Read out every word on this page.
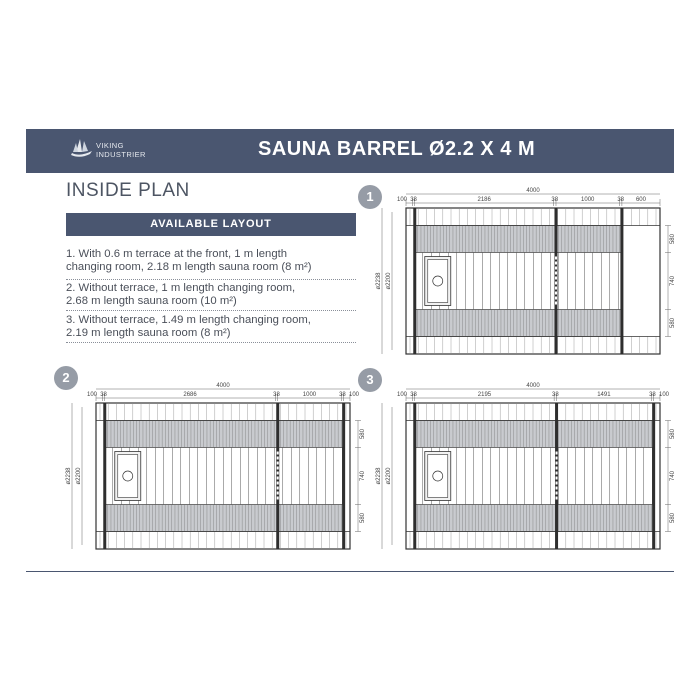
VIKING
INDUSTRIER	SAUNA BARREL Ø2.2 X 4 M
INSIDE PLAN
AVAILABLE LAYOUT
1. With 0.6 m terrace at the front, 1 m length
changing room, 2.18 m length sauna room (8 m²)
2. Without terrace, 1 m length changing room,
2.68 m length sauna room (10 m²)
3. Without terrace, 1.49 m length changing room,
2.19 m length sauna room (8 m²)
1
2	3
4000
100 38	2186	38	1000	38 600
ø2238 ø2200
580
740
580
4000
100 38	2686	38	1000	38 100
ø2238 ø2200
580
740
580
4000
100 38	2195	38	1491	38 100
ø2238 ø2200
580
740
580
